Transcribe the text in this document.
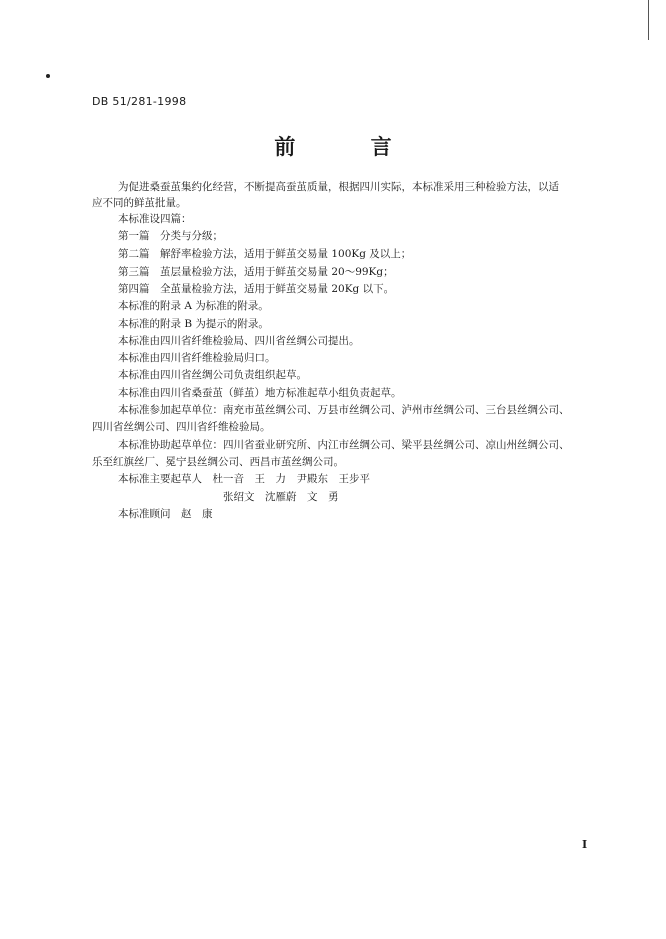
DB 51/281-1998
前 言
为促进桑蚕茧集约化经营，不断提高蚕茧质量，根据四川实际，本标准采用三种检验方法，以适
应不同的鲜茧批量。
本标准设四篇：
第一篇　分类与分级；
第二篇　解舒率检验方法，适用于鲜茧交易量 100Kg 及以上；
第三篇　茧层量检验方法，适用于鲜茧交易量 20～99Kg；
第四篇　全茧量检验方法，适用于鲜茧交易量 20Kg 以下。
本标准的附录 A 为标准的附录。
本标准的附录 B 为提示的附录。
本标准由四川省纤维检验局、四川省丝绸公司提出。
本标准由四川省纤维检验局归口。
本标准由四川省丝绸公司负责组织起草。
本标准由四川省桑蚕茧（鲜茧）地方标准起草小组负责起草。
本标准参加起草单位：南充市茧丝绸公司、万县市丝绸公司、泸州市丝绸公司、三台县丝绸公司、
四川省丝绸公司、四川省纤维检验局。
本标准协助起草单位：四川省蚕业研究所、内江市丝绸公司、梁平县丝绸公司、凉山州丝绸公司、
乐至红旗丝厂、冕宁县丝绸公司、西昌市茧丝绸公司。
本标准主要起草人　杜一音　王　力　尹殿东　王步平
张绍文　沈雁蔚　文　勇
本标准顾问　赵　康
I
